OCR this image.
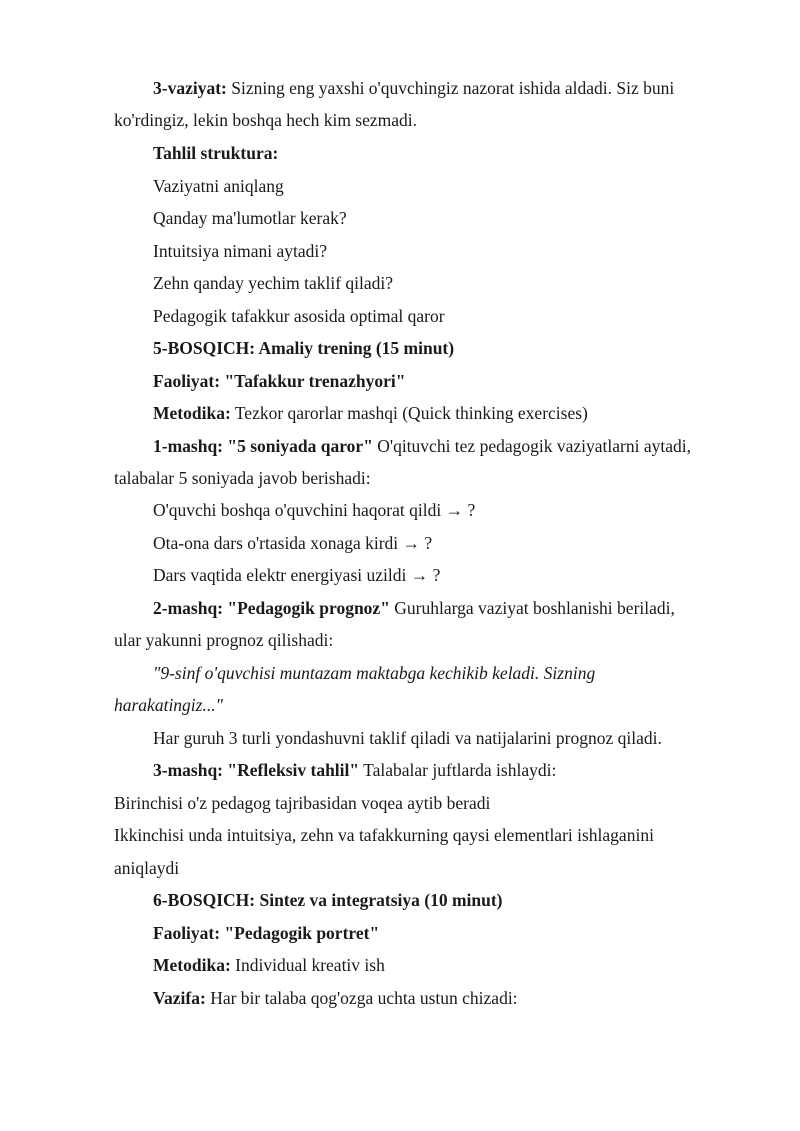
3-vaziyat: Sizning eng yaxshi o'quvchingiz nazorat ishida aldadi. Siz buni
ko'rdingiz, lekin boshqa hech kim sezmadi.
Tahlil struktura:
Vaziyatni aniqlang
Qanday ma'lumotlar kerak?
Intuitsiya nimani aytadi?
Zehn qanday yechim taklif qiladi?
Pedagogik tafakkur asosida optimal qaror
5-BOSQICH: Amaliy trening (15 minut)
Faoliyat: "Tafakkur trenazhyori"
Metodika: Tezkor qarorlar mashqi (Quick thinking exercises)
1-mashq: "5 soniyada qaror" O'qituvchi tez pedagogik vaziyatlarni aytadi,
talabalar 5 soniyada javob berishadi:
O'quvchi boshqa o'quvchini haqorat qildi → ?
Ota-ona dars o'rtasida xonaga kirdi → ?
Dars vaqtida elektr energiyasi uzildi → ?
2-mashq: "Pedagogik prognoz" Guruhlarga vaziyat boshlanishi beriladi,
ular yakunni prognoz qilishadi:
"9-sinf o'quvchisi muntazam maktabga kechikib keladi. Sizning
harakatingiz..."
Har guruh 3 turli yondashuvni taklif qiladi va natijalarini prognoz qiladi.
3-mashq: "Refleksiv tahlil" Talabalar juftlarda ishlaydi:
Birinchisi o'z pedagog tajribasidan voqea aytib beradi
Ikkinchisi unda intuitsiya, zehn va tafakkurning qaysi elementlari ishlaganini
aniqlaydi
6-BOSQICH: Sintez va integratsiya (10 minut)
Faoliyat: "Pedagogik portret"
Metodika: Individual kreativ ish
Vazifa: Har bir talaba qog'ozga uchta ustun chizadi:
